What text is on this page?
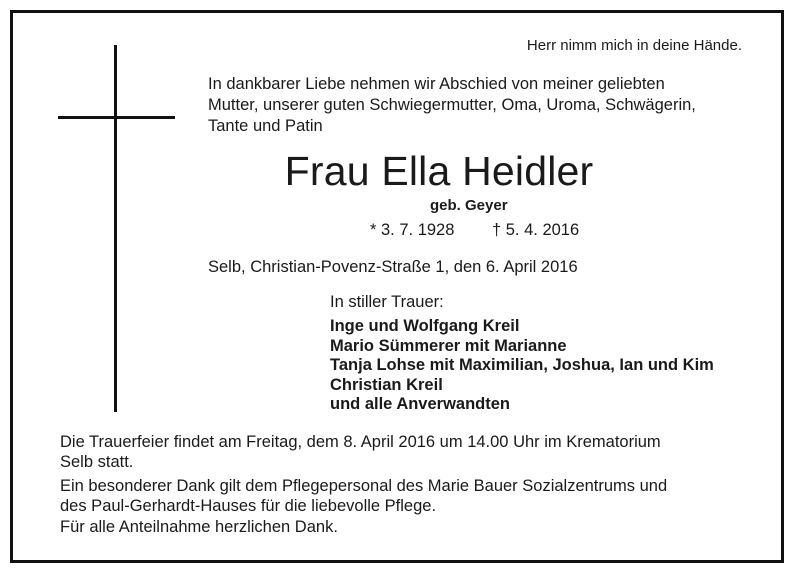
Herr nimm mich in deine Hände.
In dankbarer Liebe nehmen wir Abschied von meiner geliebten
Mutter, unserer guten Schwiegermutter, Oma, Uroma, Schwägerin,
Tante und Patin
Frau Ella Heidler
geb. Geyer
* 3. 7. 1928 † 5. 4. 2016
Selb, Christian-Povenz-Straße 1, den 6. April 2016
In stiller Trauer:
Inge und Wolfgang Kreil
Mario Sümmerer mit Marianne
Tanja Lohse mit Maximilian, Joshua, Ian und Kim
Christian Kreil
und alle Anverwandten
Die Trauerfeier findet am Freitag, dem 8. April 2016 um 14.00 Uhr im Krematorium
Selb statt.
Ein besonderer Dank gilt dem Pflegepersonal des Marie Bauer Sozialzentrums und
des Paul-Gerhardt-Hauses für die liebevolle Pflege.
Für alle Anteilnahme herzlichen Dank.
